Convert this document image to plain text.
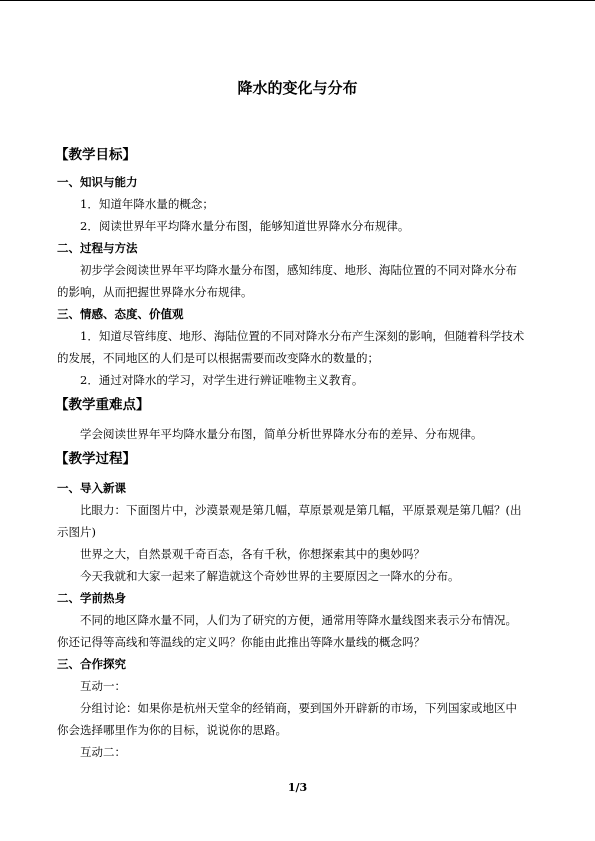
降水的变化与分布
【教学目标】
一、知识与能力
1．知道年降水量的概念；
2．阅读世界年平均降水量分布图，能够知道世界降水分布规律。
二、过程与方法
初步学会阅读世界年平均降水量分布图，感知纬度、地形、海陆位置的不同对降水分布
的影响，从而把握世界降水分布规律。
三、情感、态度、价值观
1．知道尽管纬度、地形、海陆位置的不同对降水分布产生深刻的影响，但随着科学技术
的发展，不同地区的人们是可以根据需要而改变降水的数量的；
2．通过对降水的学习，对学生进行辨证唯物主义教育。
【教学重难点】
学会阅读世界年平均降水量分布图，简单分析世界降水分布的差异、分布规律。
【教学过程】
一、导入新课
比眼力：下面图片中，沙漠景观是第几幅，草原景观是第几幅，平原景观是第几幅？(出
示图片)
世界之大，自然景观千奇百态，各有千秋，你想探索其中的奥妙吗？
今天我就和大家一起来了解造就这个奇妙世界的主要原因之一降水的分布。
二、学前热身
不同的地区降水量不同，人们为了研究的方便，通常用等降水量线图来表示分布情况。
你还记得等高线和等温线的定义吗？你能由此推出等降水量线的概念吗？
三、合作探究
互动一：
分组讨论：如果你是杭州天堂伞的经销商，要到国外开辟新的市场，下列国家或地区中
你会选择哪里作为你的目标，说说你的思路。
互动二：
1/3
